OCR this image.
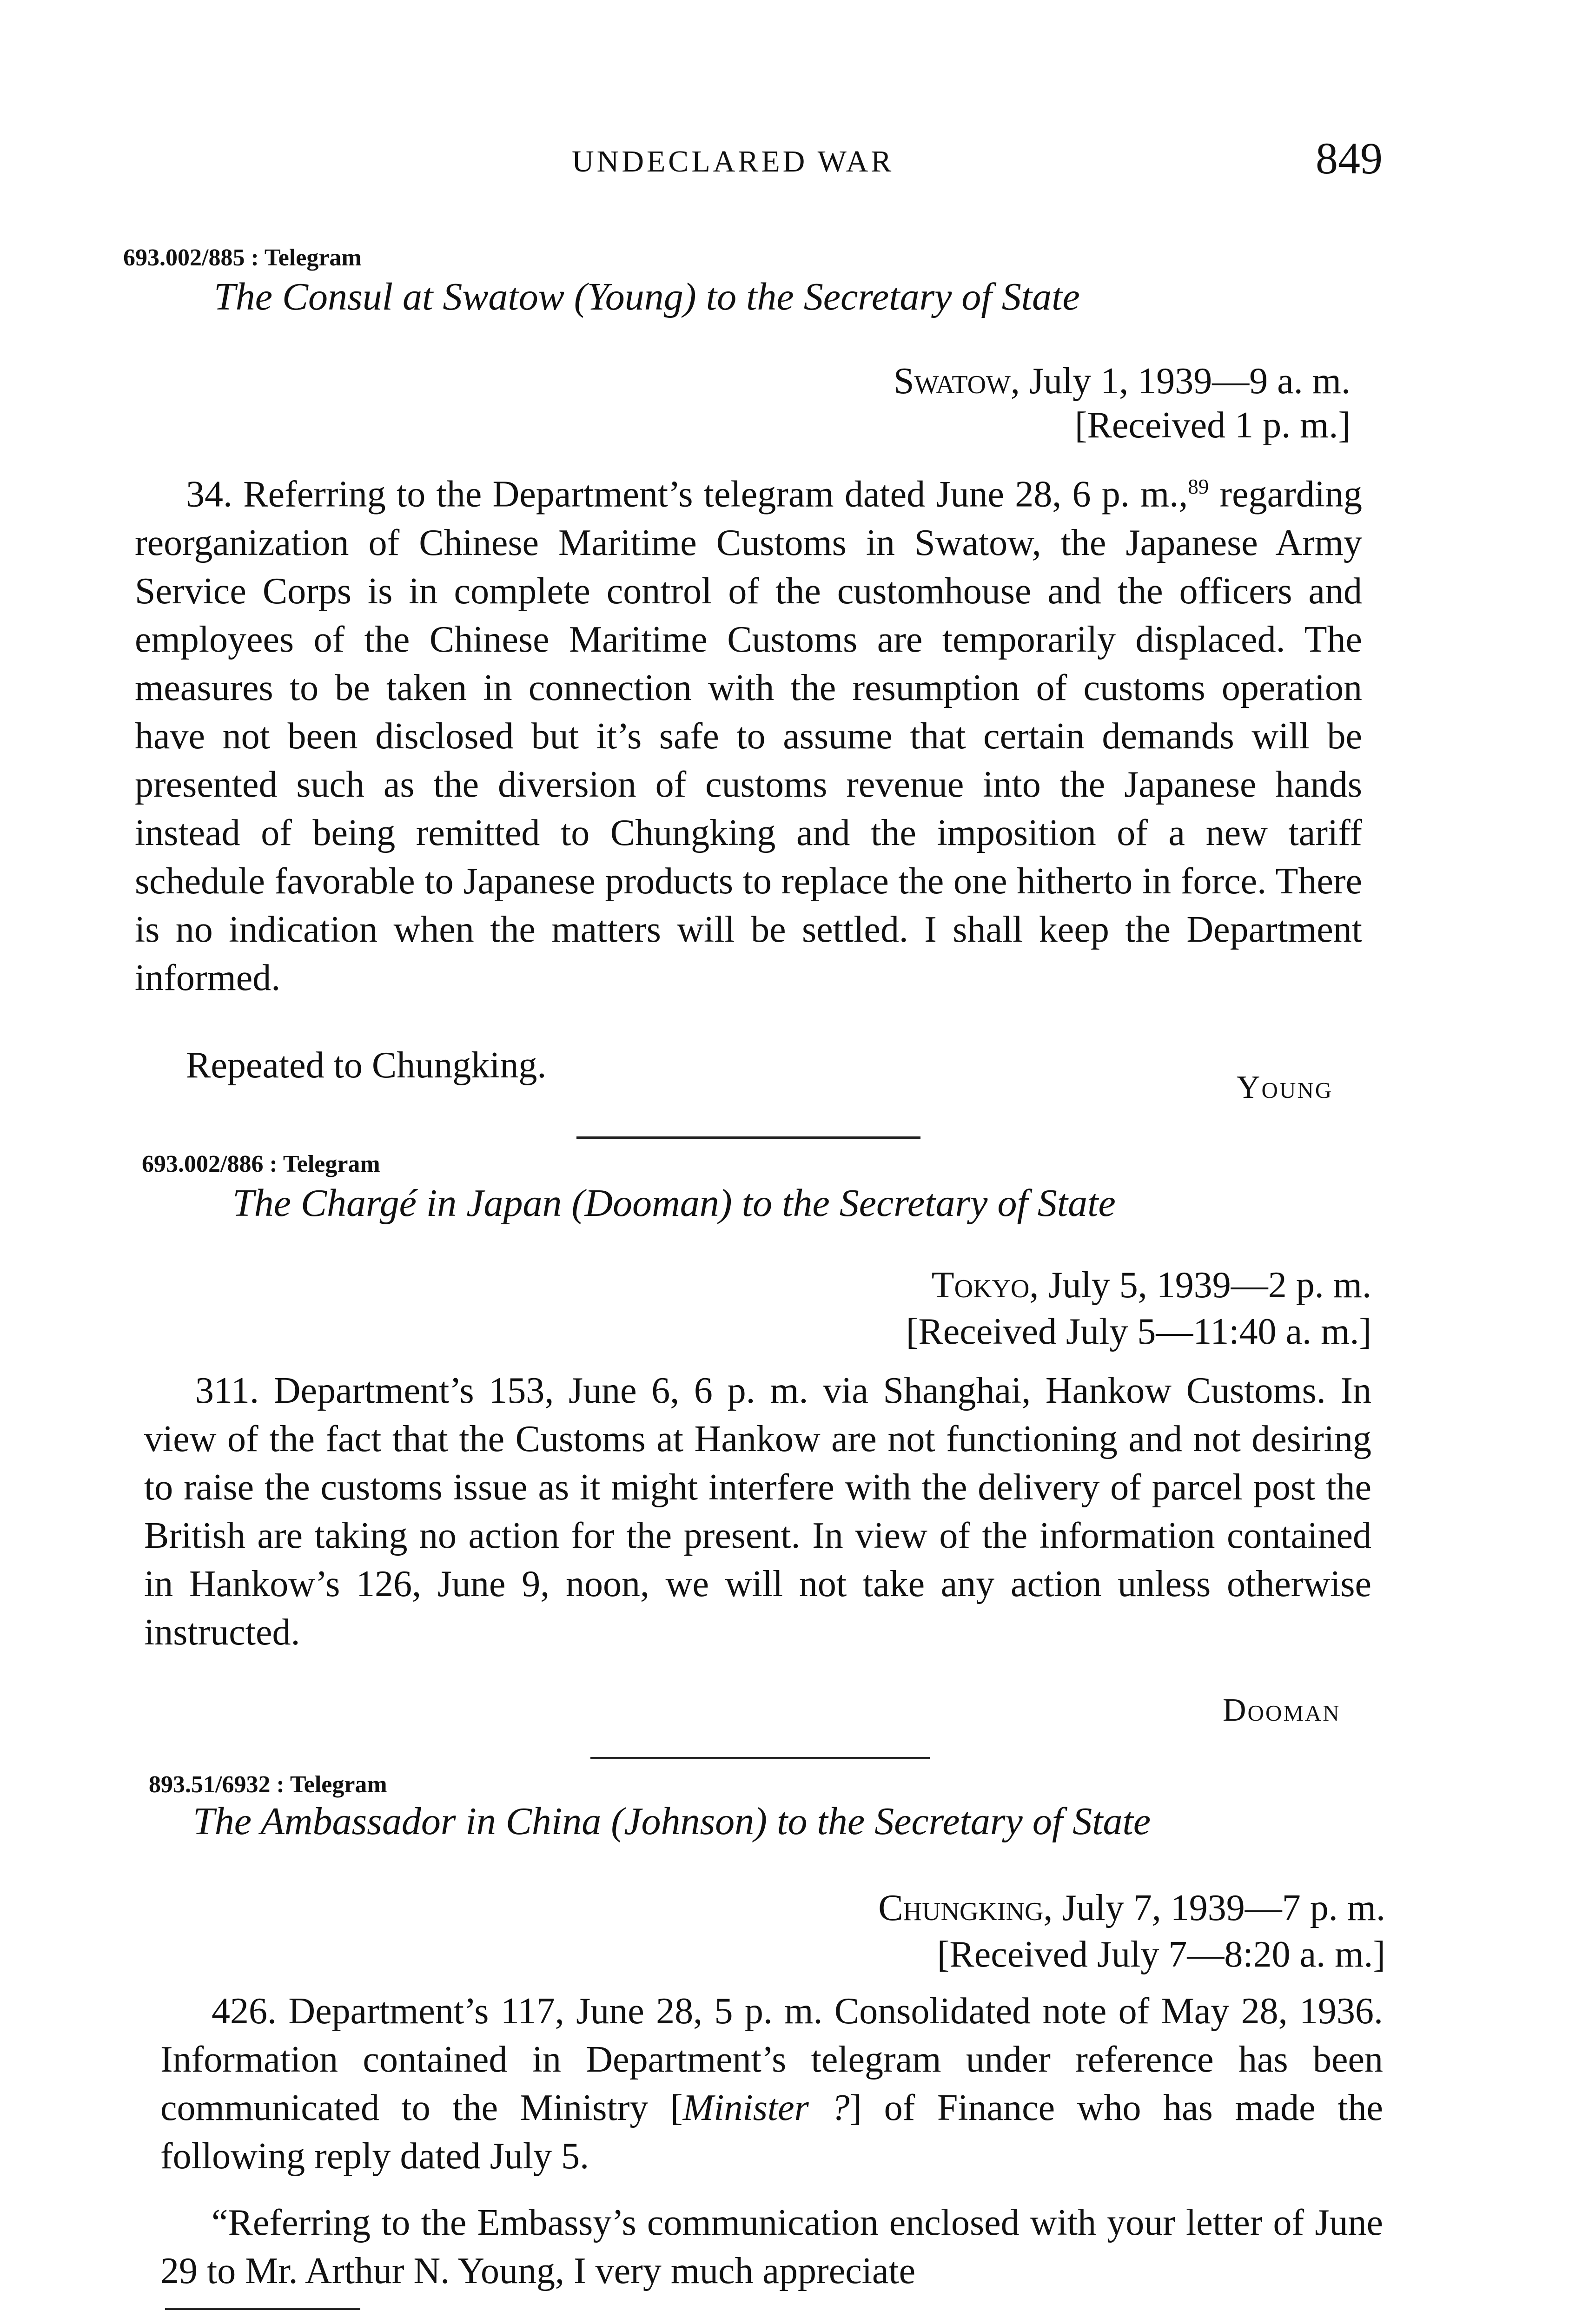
UNDECLARED WAR	849
693.002/885 : Telegram
The Consul at Swatow (Young) to the Secretary of State
Swatow, July 1, 1939—9 a. m.
[Received 1 p. m.]
34. Referring to the Department’s telegram dated June 28, 6 p. m.,$^{89}$ regarding reorganization of Chinese Maritime Customs in Swatow, the Japanese Army Service Corps is in complete control of the customhouse and the officers and employees of the Chinese Maritime Customs are temporarily displaced. The measures to be taken in connection with the resumption of customs operation have not been disclosed but it’s safe to assume that certain demands will be presented such as the diversion of customs revenue into the Japanese hands instead of being remitted to Chungking and the imposition of a new tariff schedule favorable to Japanese products to replace the one hitherto in force. There is no indication when the matters will be settled. I shall keep the Department informed.
Repeated to Chungking.
Young
693.002/886 : Telegram
The Chargé in Japan (Dooman) to the Secretary of State
Tokyo, July 5, 1939—2 p. m.
[Received July 5—11:40 a. m.]
311. Department’s 153, June 6, 6 p. m. via Shanghai, Hankow Customs. In view of the fact that the Customs at Hankow are not functioning and not desiring to raise the customs issue as it might interfere with the delivery of parcel post the British are taking no action for the present. In view of the information contained in Hankow’s 126, June 9, noon, we will not take any action unless otherwise instructed.
Dooman
893.51/6932 : Telegram
The Ambassador in China (Johnson) to the Secretary of State
Chungking, July 7, 1939—7 p. m.
[Received July 7—8:20 a. m.]
426. Department’s 117, June 28, 5 p. m. Consolidated note of May 28, 1936. Information contained in Department’s telegram under reference has been communicated to the Ministry [Minister ?] of Finance who has made the following reply dated July 5.
“Referring to the Embassy’s communication enclosed with your letter of June 29 to Mr. Arthur N. Young, I very much appreciate
